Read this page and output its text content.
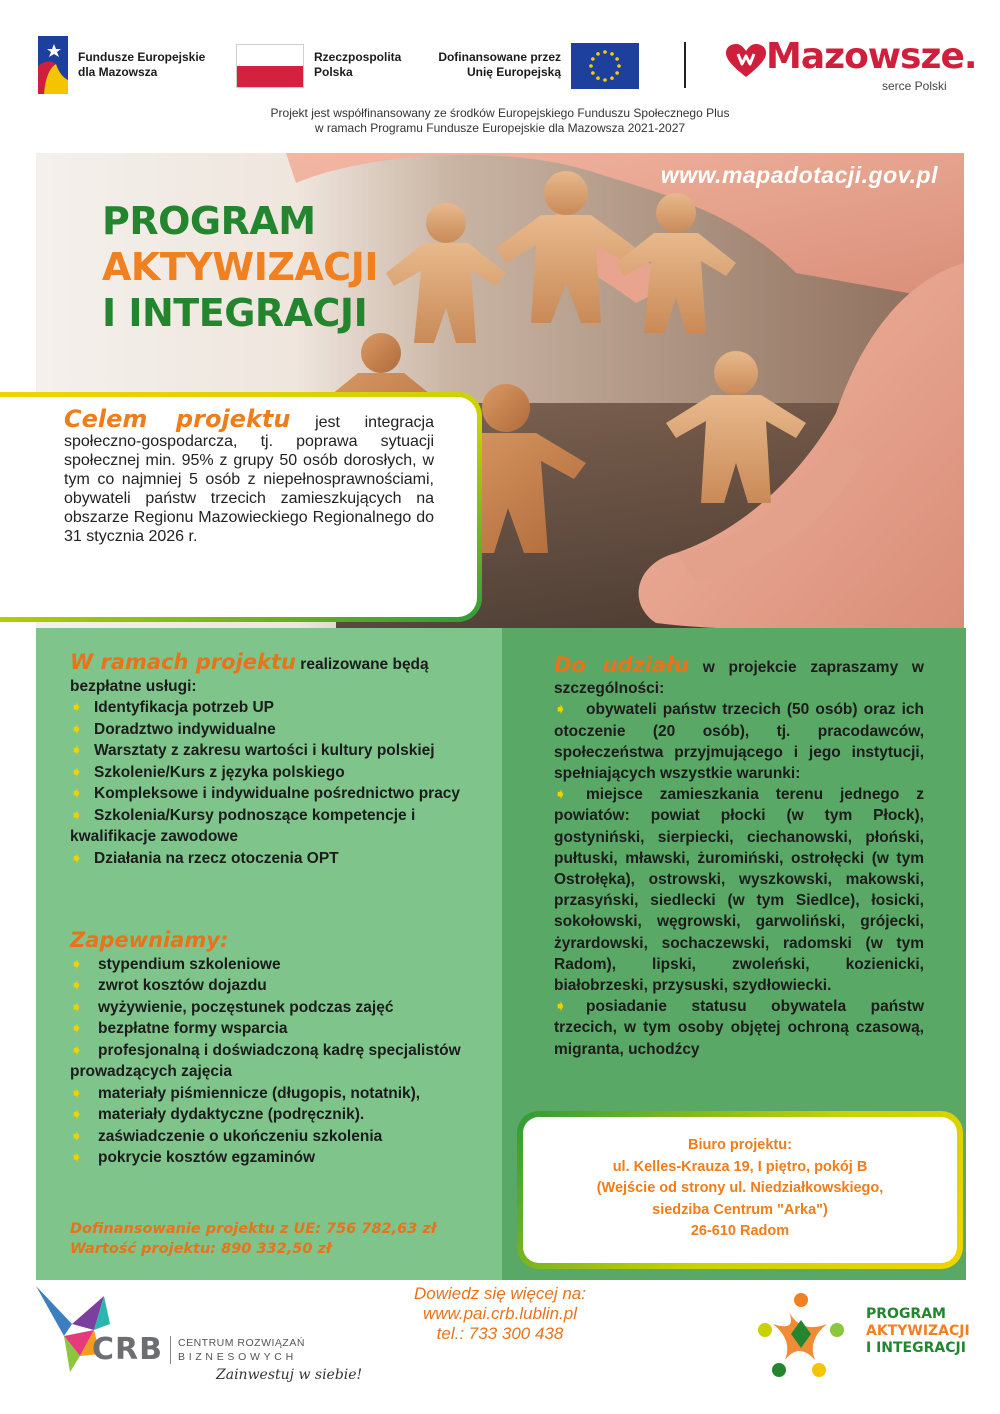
Fundusze Europejskie
dla Mazowsza
Rzeczpospolita
Polska
Dofinansowane przez
Unię Europejską	Mazowsze.
serce Polski
Projekt jest współfinansowany ze środków Europejskiego Funduszu Społecznego Plus
w ramach Programu Fundusze Europejskie dla Mazowsza 2021-2027
www.mapadotacji.gov.pl
PROGRAM
AKTYWIZACJI
I INTEGRACJI
Celem projektu jest integracja społeczno-gospodarcza, tj. poprawa sytuacji społecznej min. 95% z grupy 50 osób dorosłych, w tym co najmniej 5 osób z niepełnosprawnościami, obywateli państw trzecich zamieszkujących na obszarze Regionu Mazowieckiego Regionalnego do 31 stycznia 2026 r.
W ramach projektu realizowane będą
bezpłatne usługi:
➧ Identyfikacja potrzeb UP
➧ Doradztwo indywidualne
➧ Warsztaty z zakresu wartości i kultury polskiej
➧ Szkolenie/Kurs z języka polskiego
➧ Kompleksowe i indywidualne pośrednictwo pracy
➧ Szkolenia/Kursy podnoszące kompetencje i kwalifikacje zawodowe
➧ Działania na rzecz otoczenia OPT
Zapewniamy:
➧ stypendium szkoleniowe
➧ zwrot kosztów dojazdu
➧ wyżywienie, poczęstunek podczas zajęć
➧ bezpłatne formy wsparcia
➧ profesjonalną i doświadczoną kadrę specjalistów prowadzących zajęcia
➧ materiały piśmiennicze (długopis, notatnik),
➧ materiały dydaktyczne (podręcznik).
➧ zaświadczenie o ukończeniu szkolenia
➧ pokrycie kosztów egzaminów
Dofinansowanie projektu z UE: 756 782,63 zł
Wartość projektu: 890 332,50 zł
Do udziału w projekcie zapraszamy w szczególności:
➧ obywateli państw trzecich (50 osób) oraz ich otoczenie (20 osób), tj. pracodawców, społeczeństwa przyjmującego i jego instytucji, spełniających wszystkie warunki:
➧ miejsce zamieszkania terenu jednego z powiatów: powiat płocki (w tym Płock), gostyniński, sierpiecki, ciechanowski, płoński, pułtuski, mławski, żuromiński, ostrołęcki (w tym Ostrołęka), ostrowski, wyszkowski, makowski, przasyński, siedlecki (w tym Siedlce), łosicki, sokołowski, węgrowski, garwoliński, grójecki, żyrardowski, sochaczewski, radomski (w tym Radom), lipski, zwoleński, kozienicki, białobrzeski, przysuski, szydłowiecki.
➧ posiadanie statusu obywatela państw trzecich, w tym osoby objętej ochroną czasową, migranta, uchodźcy
Biuro projektu:
ul. Kelles-Krauza 19, I piętro, pokój B
(Wejście od strony ul. Niedziałkowskiego,
siedziba Centrum "Arka")
26-610 Radom
CRB CENTRUM ROZWIĄZAŃ
BIZNESOWYCH
Zainwestuj w siebie!
Dowiedz się więcej na:
www.pai.crb.lublin.pl
tel.: 733 300 438
PROGRAM
AKTYWIZACJI
I INTEGRACJI
